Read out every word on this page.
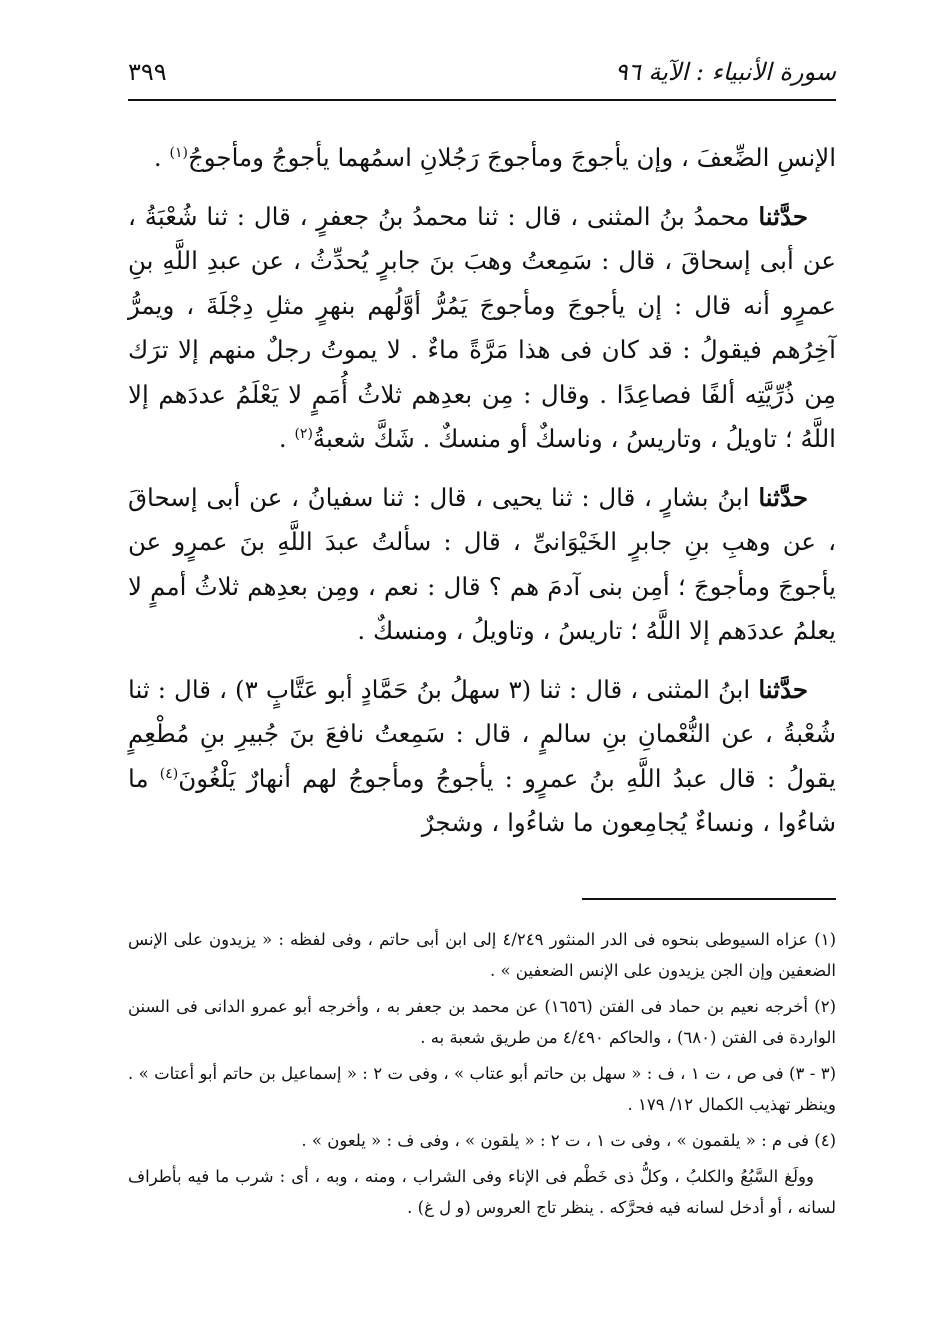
سورة الأنبياء : الآية ٩٦
٣٩٩

الإنسِ الضِّعفَ ، وإن يأجوجَ ومأجوجَ رَجُلانِ اسمُهما يأجوجُ ومأجوجُ$^{(١)}$ .

حدَّثنا محمدُ بنُ المثنى ، قال : ثنا محمدُ بنُ جعفرٍ ، قال : ثنا شُعْبَةُ ، عن أبى إسحاقَ ، قال : سَمِعتُ وهبَ بنَ جابرٍ يُحدِّثُ ، عن عبدِ اللَّهِ بنِ عمرٍو أنه قال : إن يأجوجَ ومأجوجَ يَمُرُّ أوَّلُهم بنهرٍ مثلِ دِجْلَةَ ، ويمرُّ آخِرُهم فيقولُ : قد كان فى هذا مَرَّةً ماءٌ . لا يموتُ رجلٌ منهم إلا ترَك مِن ذُرِّيَّتِه ألفًا فصاعِدًا . وقال : مِن بعدِهم ثلاثُ أُمَمٍ لا يَعْلَمُ عددَهم إلا اللَّهُ ؛ تاويلُ ، وتاريسُ ، وناسكٌ أو منسكٌ . شَكَّ شعبةُ$^{(٢)}$ .

حدَّثنا ابنُ بشارٍ ، قال : ثنا يحيى ، قال : ثنا سفيانُ ، عن أبى إسحاقَ ، عن وهبِ بنِ جابرٍ الخَيْوَانىِّ ، قال : سألتُ عبدَ اللَّهِ بنَ عمرٍو عن يأجوجَ ومأجوجَ ؛ أمِن بنى آدمَ هم ؟ قال : نعم ، ومِن بعدِهم ثلاثُ أممٍ لا يعلمُ عددَهم إلا اللَّهُ ؛ تاريسُ ، وتاويلُ ، ومنسكٌ .

حدَّثنا ابنُ المثنى ، قال : ثنا (٣ سهلُ بنُ حَمَّادٍ أبو عَتَّابٍ ٣) ، قال : ثنا شُعْبةُ ، عن النُّعْمانِ بنِ سالمٍ ، قال : سَمِعتُ نافعَ بنَ جُبيرِ بنِ مُطْعِمٍ يقولُ : قال عبدُ اللَّهِ بنُ عمرٍو : يأجوجُ ومأجوجُ لهم أنهارٌ يَلْغُونَ$^{(٤)}$ ما شاءُوا ، ونساءٌ يُجامِعون ما شاءُوا ، وشجرٌ

(١) عزاه السيوطى بنحوه فى الدر المنثور ٤/٢٤٩ إلى ابن أبى حاتم ، وفى لفظه : « يزيدون على الإنس الضعفين وإن الجن يزيدون على الإنس الضعفين » .

(٢) أخرجه نعيم بن حماد فى الفتن (١٦٥٦) عن محمد بن جعفر به ، وأخرجه أبو عمرو الدانى فى السنن الواردة فى الفتن (٦٨٠) ، والحاكم ٤/٤٩٠ من طريق شعبة به .

(٣ - ٣) فى ص ، ت ١ ، ف : « سهل بن حاتم أبو عتاب » ، وفى ت ٢ : « إسماعيل بن حاتم أبو أعتات » . وينظر تهذيب الكمال ١٢/ ١٧٩ .

(٤) فى م : « يلقمون » ، وفى ت ١ ، ت ٢ : « يلقون » ، وفى ف : « يلعون » .

وولَغ السَّبُعُ والكلبُ ، وكلُّ ذى خَطْم فى الإناء وفى الشراب ، ومنه ، وبه ، أى : شرب ما فيه بأطراف لسانه ، أو أدخل لسانه فيه فحرَّكه . ينظر تاج العروس (و ل غ) .
